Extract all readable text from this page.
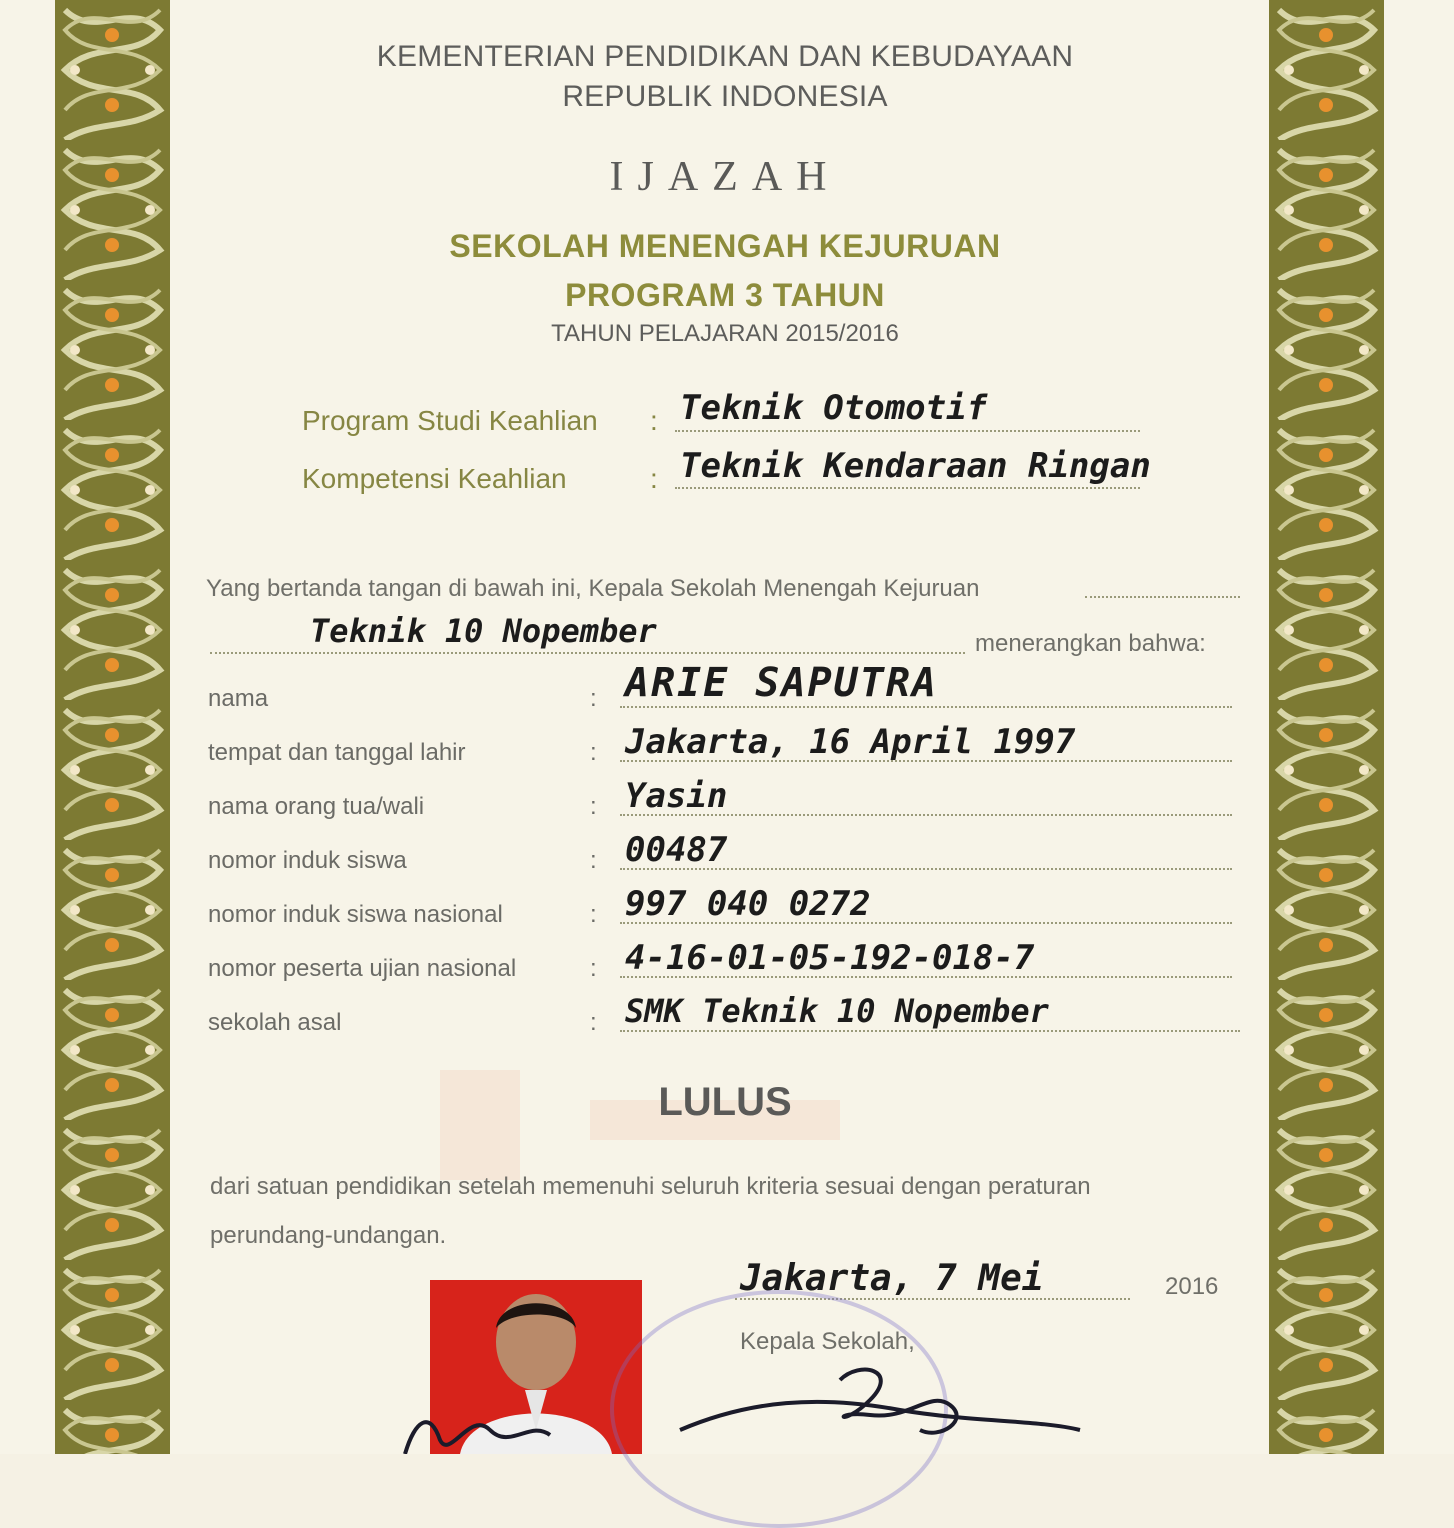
KEMENTERIAN PENDIDIKAN DAN KEBUDAYAAN
REPUBLIK INDONESIA
IJAZAH
SEKOLAH MENENGAH KEJURUAN
PROGRAM 3 TAHUN
TAHUN PELAJARAN 2015/2016
Program Studi Keahlian : Teknik Otomotif
Kompetensi Keahlian	: Teknik Kendaraan Ringan
Yang bertanda tangan di bawah ini, Kepala Sekolah Menengah Kejuruan
Teknik 10 Nopember	menerangkan bahwa:
nama	: ARIE SAPUTRA
tempat dan tanggal lahir	: Jakarta, 16 April 1997
nama orang tua/wali	: Yasin
nomor induk siswa	: 00487
nomor induk siswa nasional	: 997 040 0272
nomor peserta ujian nasional	: 4-16-01-05-192-018-7
sekolah asal	: SMK Teknik 10 Nopember
LULUS
dari satuan pendidikan setelah memenuhi seluruh kriteria sesuai dengan peraturan
perundang-undangan.
Jakarta, 7 Mei	2016
Kepala Sekolah,
